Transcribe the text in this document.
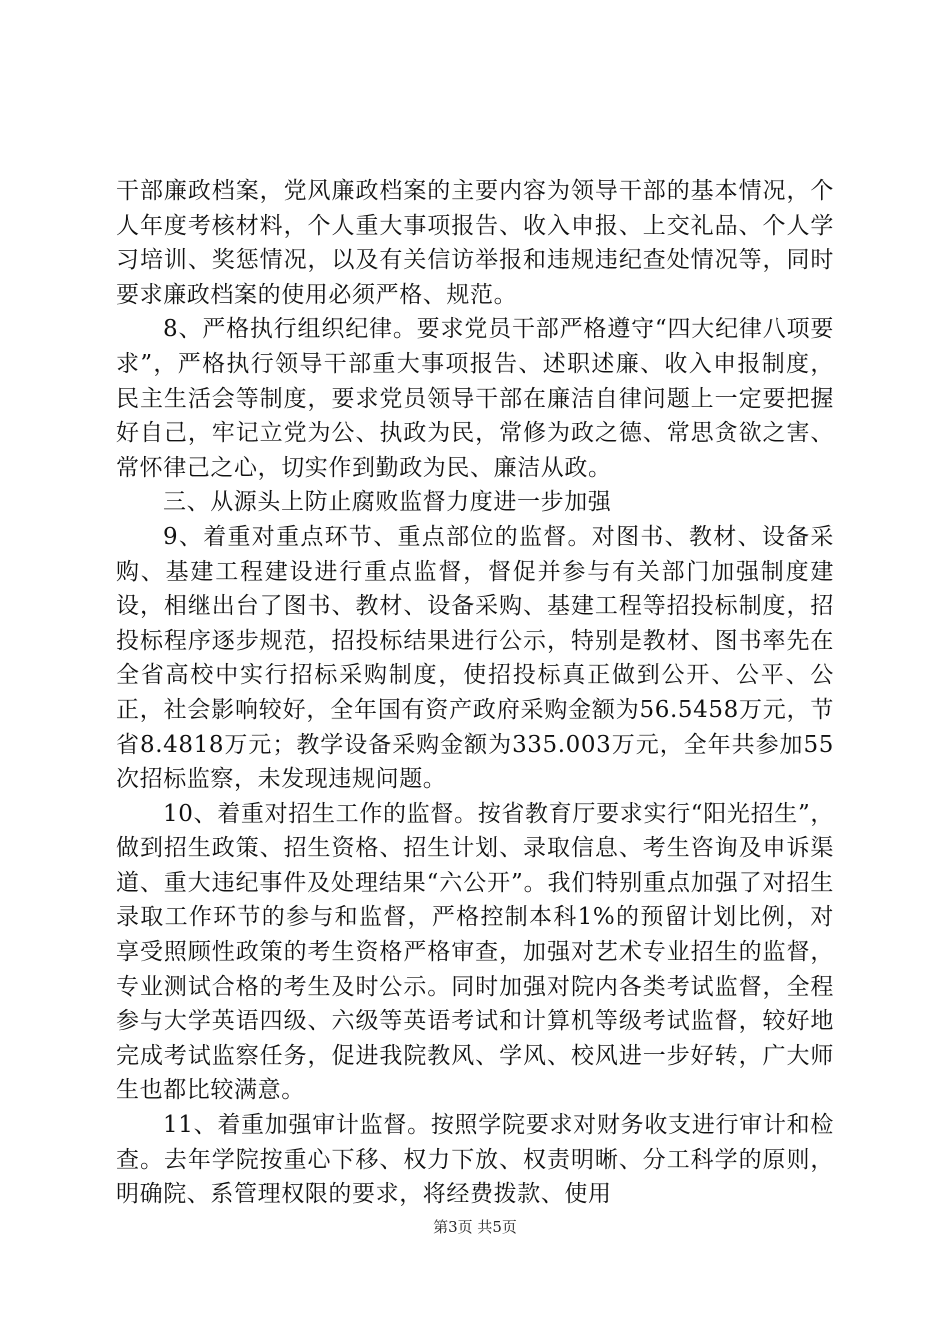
干部廉政档案，党风廉政档案的主要内容为领导干部的基本情况，个人年度考核材料，个人重大事项报告、收入申报、上交礼品、个人学习培训、奖惩情况，以及有关信访举报和违规违纪查处情况等，同时要求廉政档案的使用必须严格、规范。

8、严格执行组织纪律。要求党员干部严格遵守“四大纪律八项要求”，严格执行领导干部重大事项报告、述职述廉、收入申报制度，民主生活会等制度，要求党员领导干部在廉洁自律问题上一定要把握好自己，牢记立党为公、执政为民，常修为政之德、常思贪欲之害、常怀律己之心，切实作到勤政为民、廉洁从政。

三、从源头上防止腐败监督力度进一步加强

9、着重对重点环节、重点部位的监督。对图书、教材、设备采购、基建工程建设进行重点监督，督促并参与有关部门加强制度建设，相继出台了图书、教材、设备采购、基建工程等招投标制度，招投标程序逐步规范，招投标结果进行公示，特别是教材、图书率先在全省高校中实行招标采购制度，使招投标真正做到公开、公平、公正，社会影响较好，全年国有资产政府采购金额为56.5458万元，节省8.4818万元；教学设备采购金额为335.003万元，全年共参加55次招标监察，未发现违规问题。

10、着重对招生工作的监督。按省教育厅要求实行“阳光招生”，做到招生政策、招生资格、招生计划、录取信息、考生咨询及申诉渠道、重大违纪事件及处理结果“六公开”。我们特别重点加强了对招生录取工作环节的参与和监督，严格控制本科1%的预留计划比例，对享受照顾性政策的考生资格严格审查，加强对艺术专业招生的监督，专业测试合格的考生及时公示。同时加强对院内各类考试监督，全程参与大学英语四级、六级等英语考试和计算机等级考试监督，较好地完成考试监察任务，促进我院教风、学风、校风进一步好转，广大师生也都比较满意。

11、着重加强审计监督。按照学院要求对财务收支进行审计和检查。去年学院按重心下移、权力下放、权责明晰、分工科学的原则，明确院、系管理权限的要求，将经费拨款、使用

第3页 共5页
